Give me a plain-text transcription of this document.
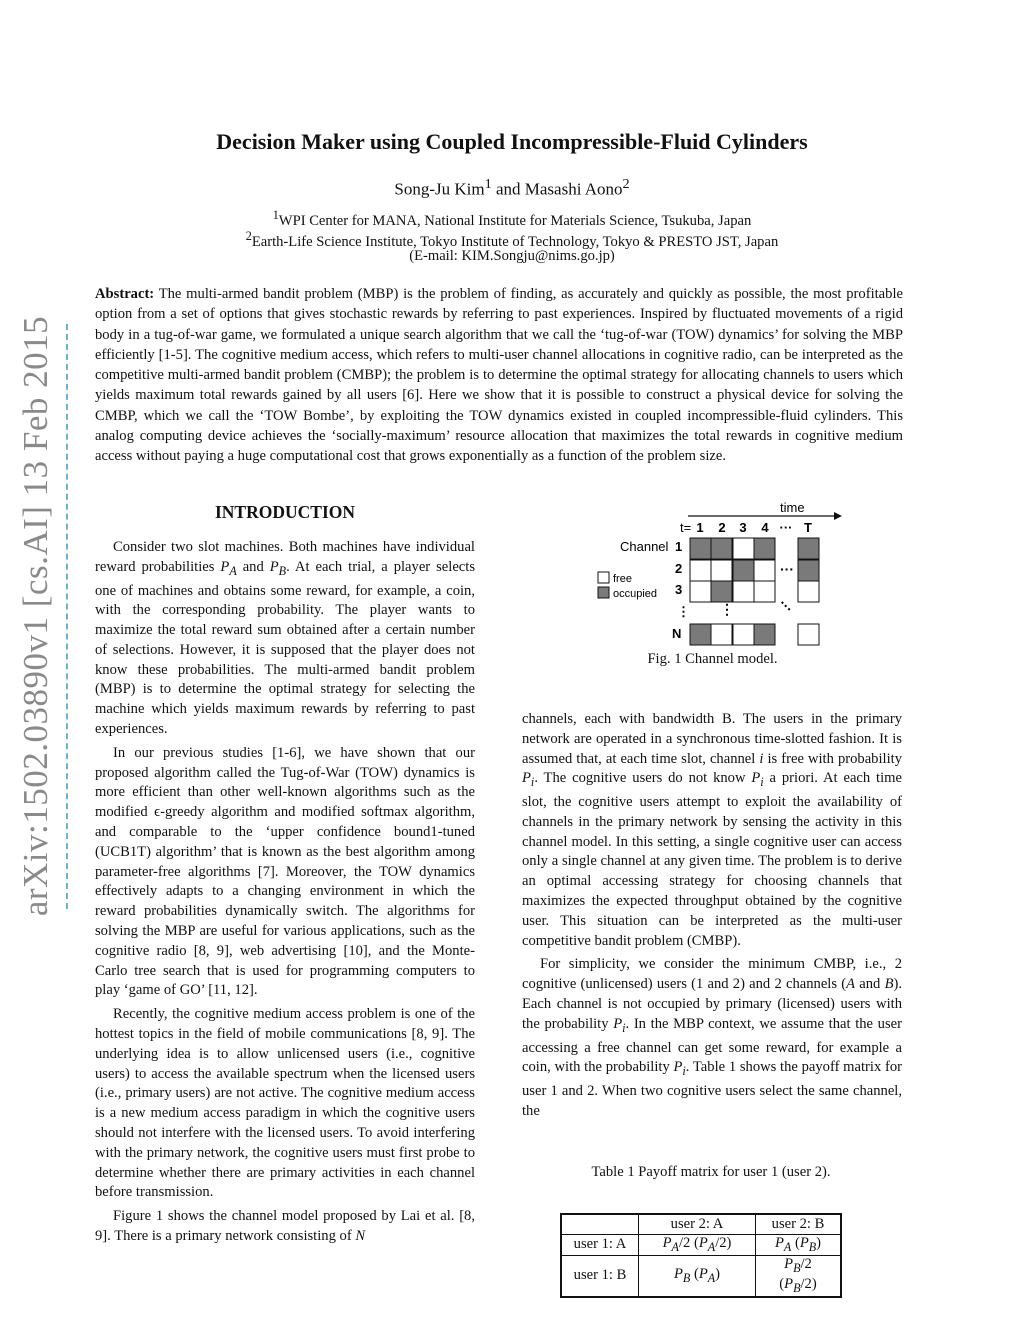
Decision Maker using Coupled Incompressible-Fluid Cylinders
Song-Ju Kim$^1$ and Masashi Aono$^2$
$^1$WPI Center for MANA, National Institute for Materials Science, Tsukuba, Japan
$^2$Earth-Life Science Institute, Tokyo Institute of Technology, Tokyo & PRESTO JST, Japan
(E-mail: KIM.Songju@nims.go.jp)
Abstract: The multi-armed bandit problem (MBP) is the problem of finding, as accurately and quickly as possible, the most profitable option from a set of options that gives stochastic rewards by referring to past experiences. Inspired by fluctuated movements of a rigid body in a tug-of-war game, we formulated a unique search algorithm that we call the ‘tug-of-war (TOW) dynamics’ for solving the MBP efficiently [1-5]. The cognitive medium access, which refers to multi-user channel allocations in cognitive radio, can be interpreted as the competitive multi-armed bandit problem (CMBP); the problem is to determine the optimal strategy for allocating channels to users which yields maximum total rewards gained by all users [6]. Here we show that it is possible to construct a physical device for solving the CMBP, which we call the ‘TOW Bombe’, by exploiting the TOW dynamics existed in coupled incompressible-fluid cylinders. This analog computing device achieves the ‘socially-maximum’ resource allocation that maximizes the total rewards in cognitive medium access without paying a huge computational cost that grows exponentially as a function of the problem size.
arXiv:1502.03890v1 [cs.AI] 13 Feb 2015	INTRODUCTION

Consider two slot machines. Both machines have individual reward probabilities $P_A$ and $P_B$. At each trial, a player selects one of machines and obtains some reward, for example, a coin, with the corresponding probability. The player wants to maximize the total reward sum obtained after a certain number of selections. However, it is supposed that the player does not know these probabilities. The multi-armed bandit problem (MBP) is to determine the optimal strategy for selecting the machine which yields maximum rewards by referring to past experiences.

In our previous studies [1-6], we have shown that our proposed algorithm called the Tug-of-War (TOW) dynamics is more efficient than other well-known algorithms such as the modified ϵ-greedy algorithm and modified softmax algorithm, and comparable to the ‘upper confidence bound1-tuned (UCB1T) algorithm’ that is known as the best algorithm among parameter-free algorithms [7]. Moreover, the TOW dynamics effectively adapts to a changing environment in which the reward probabilities dynamically switch. The algorithms for solving the MBP are useful for various applications, such as the cognitive radio [8, 9], web advertising [10], and the Monte-Carlo tree search that is used for programming computers to play ‘game of GO’ [11, 12].

Recently, the cognitive medium access problem is one of the hottest topics in the field of mobile communications [8, 9]. The underlying idea is to allow unlicensed users (i.e., cognitive users) to access the available spectrum when the licensed users (i.e., primary users) are not active. The cognitive medium access is a new medium access paradigm in which the cognitive users should not interfere with the licensed users. To avoid interfering with the primary network, the cognitive users must first probe to determine whether there are primary activities in each channel before transmission.

Figure 1 shows the channel model proposed by Lai et al. [8, 9]. There is a primary network consisting of N

time
t= 1 2 3 4 ··· T
Channel 1
2
3
⋮
N
free
occupied
···
⋮	···
Fig. 1 Channel model.

channels, each with bandwidth B. The users in the primary network are operated in a synchronous time-slotted fashion. It is assumed that, at each time slot, channel i is free with probability $P_i$. The cognitive users do not know $P_i$ a priori. At each time slot, the cognitive users attempt to exploit the availability of channels in the primary network by sensing the activity in this channel model. In this setting, a single cognitive user can access only a single channel at any given time. The problem is to derive an optimal accessing strategy for choosing channels that maximizes the expected throughput obtained by the cognitive user. This situation can be interpreted as the multi-user competitive bandit problem (CMBP).

For simplicity, we consider the minimum CMBP, i.e., 2 cognitive (unlicensed) users (1 and 2) and 2 channels (A and B). Each channel is not occupied by primary (licensed) users with the probability $P_i$. In the MBP context, we assume that the user accessing a free channel can get some reward, for example a coin, with the probability $P_i$. Table 1 shows the payoff matrix for user 1 and 2. When two cognitive users select the same channel, the

Table 1 Payoff matrix for user 1 (user 2).
	user 2: A	user 2: B
user 1: A	$P_A/2$ $(P_A/2)$	$P_A$ $(P_B)$
user 1: B	$P_B$ $(P_A)$	$P_B/2$ $(P_B/2)$
